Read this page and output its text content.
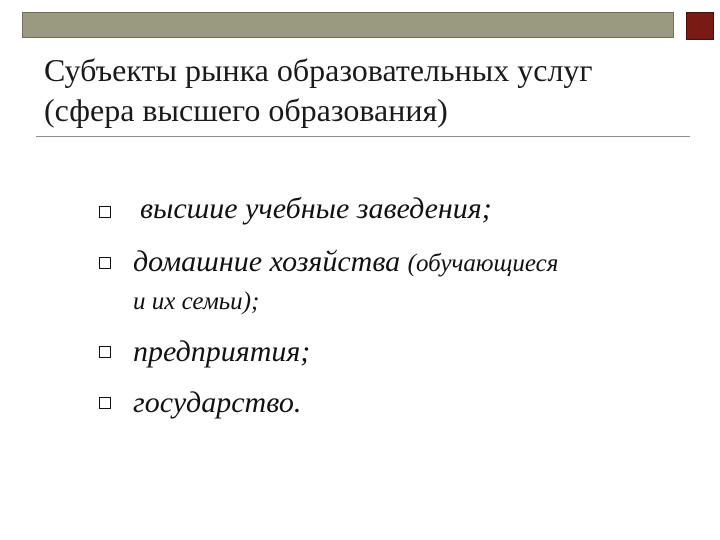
Субъекты рынка образовательных услуг
(сфера высшего образования)
высшие учебные заведения;
домашние хозяйства (обучающиеся
и их семьи);
предприятия;
государство.
